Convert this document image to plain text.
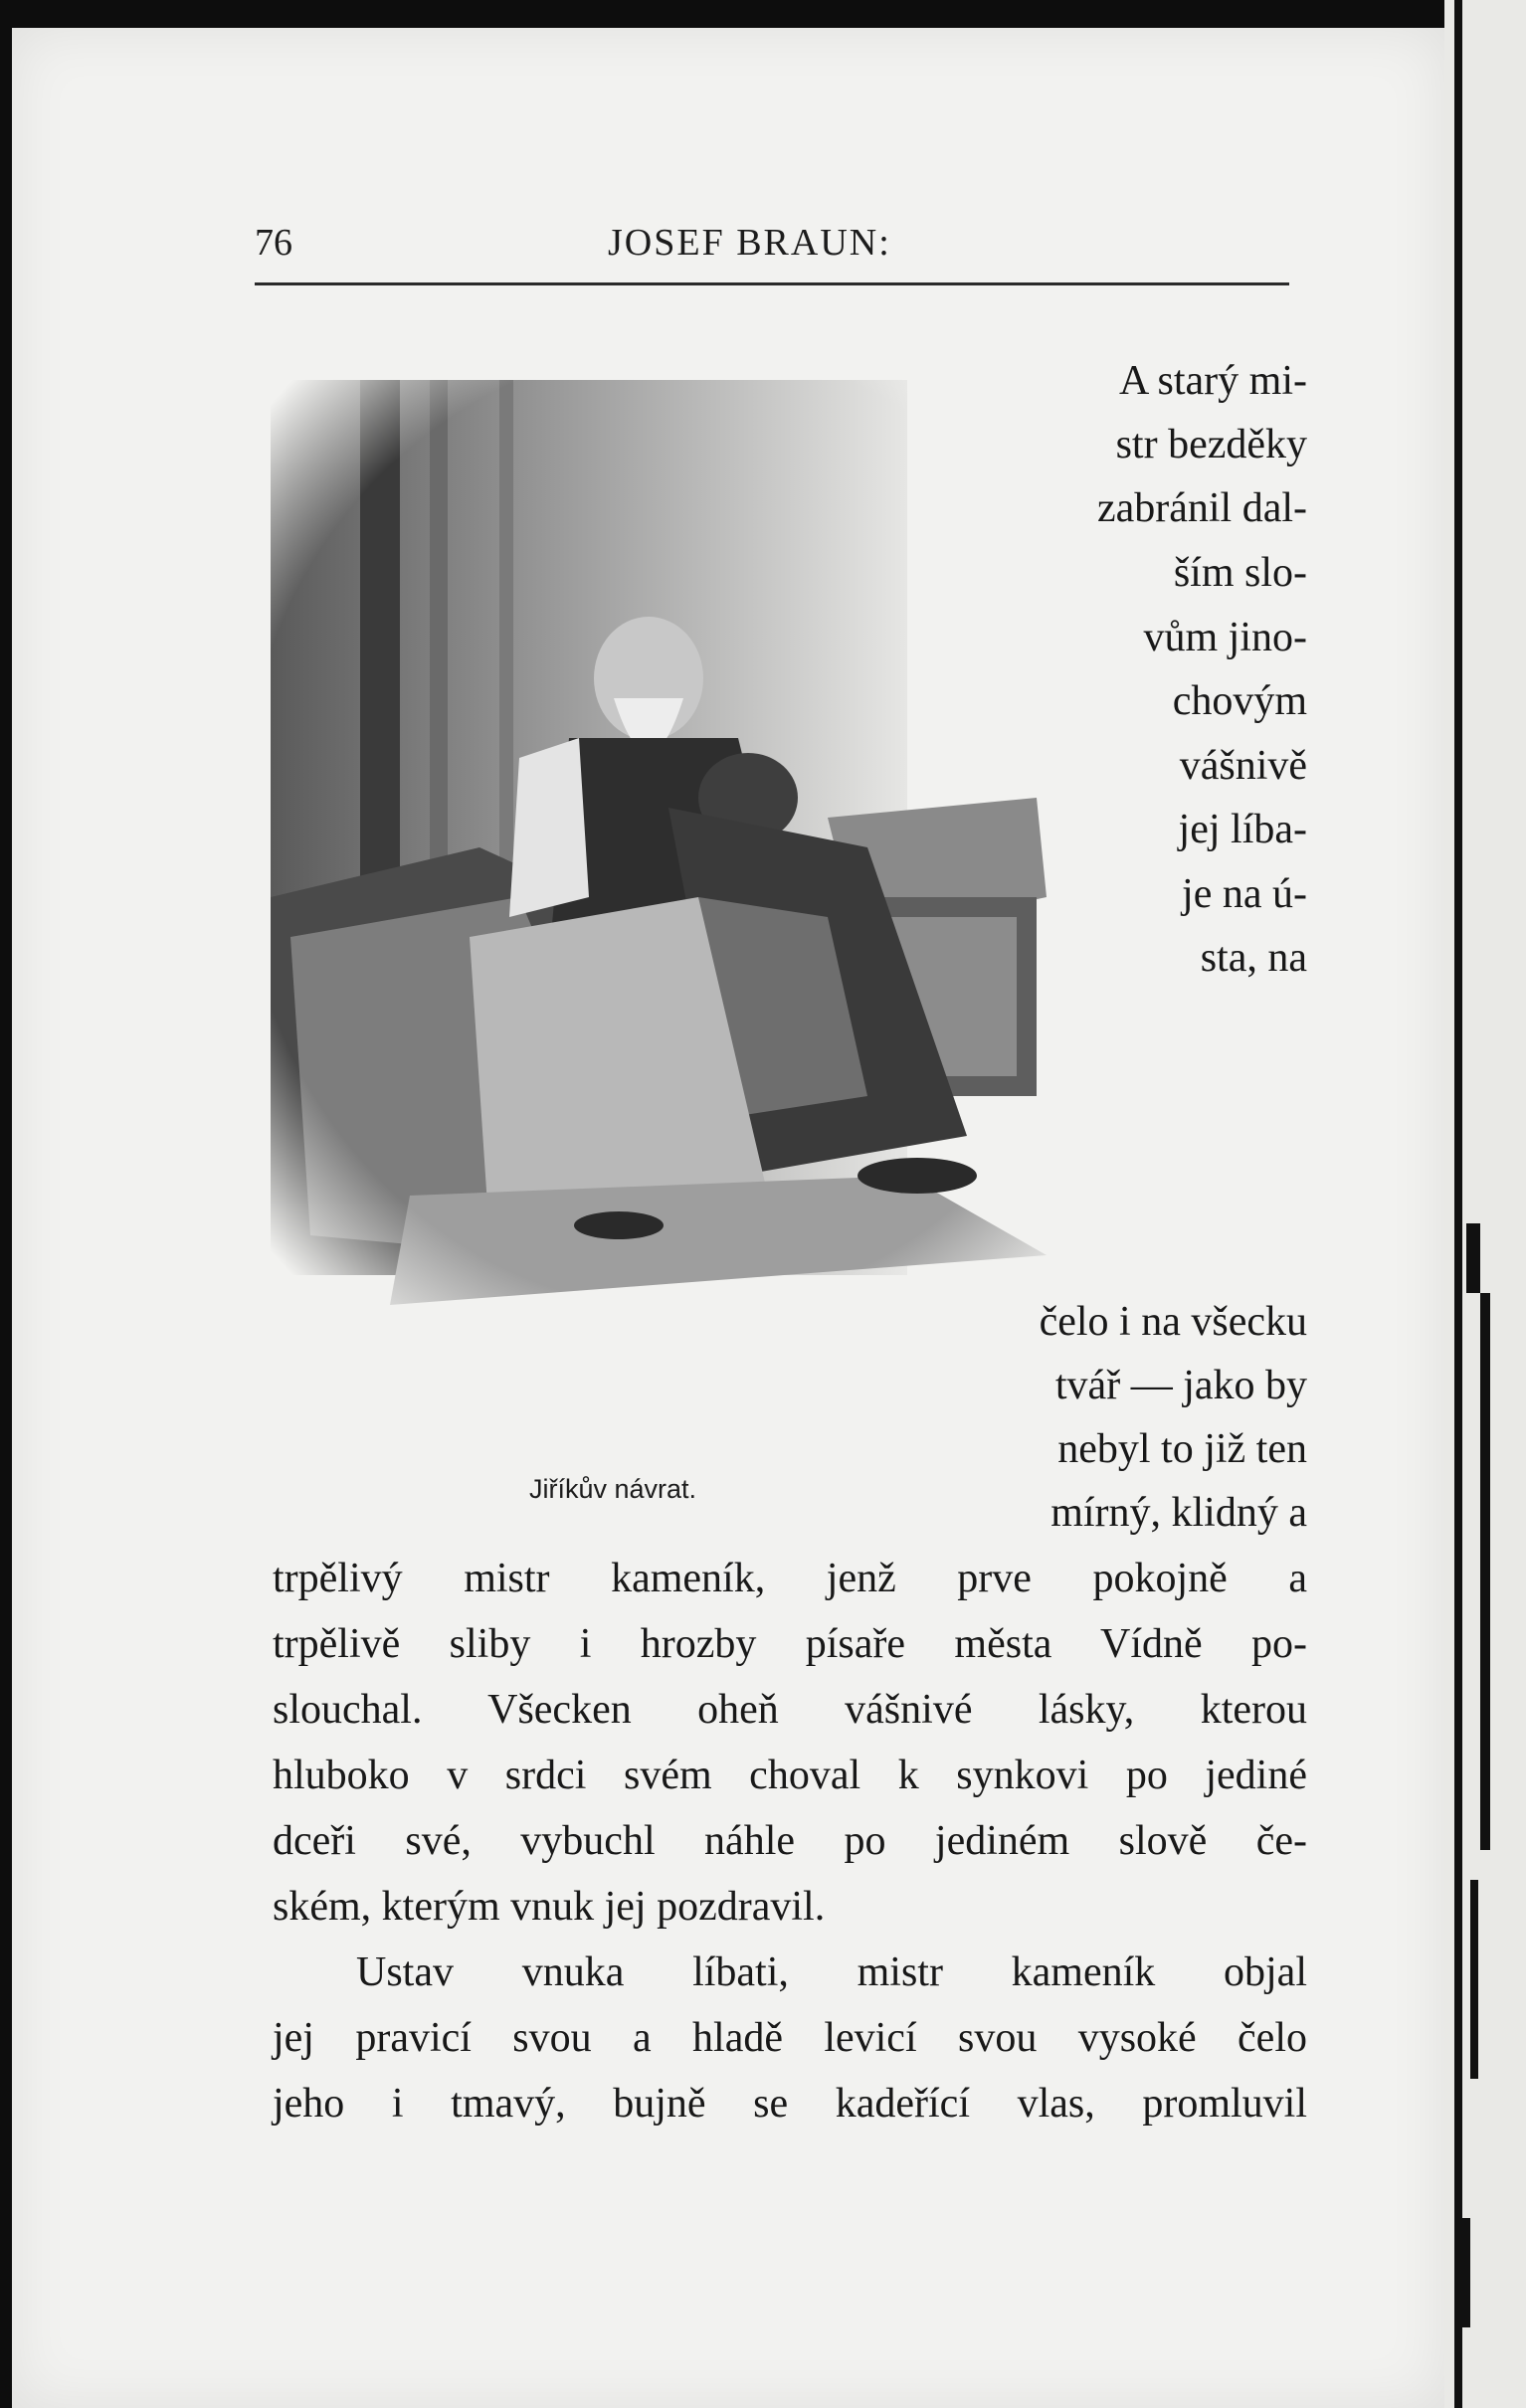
76	JOSEF BRAUN:
Jiříkův návrat.
A starý mi-
str bezděky
zabránil dal-
ším slo-
vům jino-
chovým
vášnivě
jej líba-
je na ú-
sta, na
čelo i na všecku
tvář — jako by
nebyl to již ten
mírný, klidný a
trpělivý mistr kameník, jenž prve pokojně a
trpělivě sliby i hrozby písaře města Vídně po-
slouchal. Všecken oheň vášnivé lásky, kterou
hluboko v srdci svém choval k synkovi po jediné
dceři své, vybuchl náhle po jediném slově če-
ském, kterým vnuk jej pozdravil.
Ustav vnuka líbati, mistr kameník objal
jej pravicí svou a hladě levicí svou vysoké čelo
jeho i tmavý, bujně se kadeřící vlas, promluvil
